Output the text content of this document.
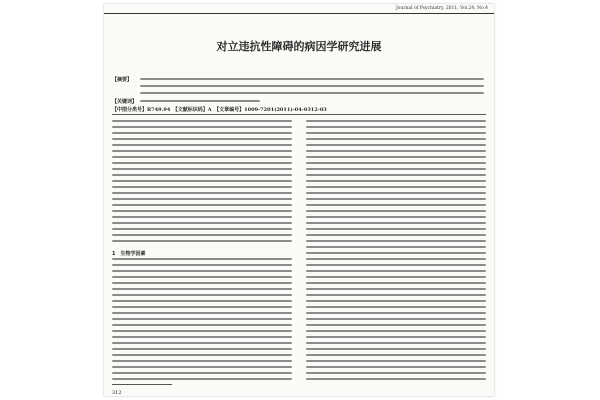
Journal of Psychiatry, 2011, Vol.24, No.4
对立违抗性障碍的病因学研究进展
【摘要】
【关键词】
【中图分类号】R749.94　【文献标识码】A　【文章编号】1009-7201(2011)-04-0312-03
1　生物学因素
312
